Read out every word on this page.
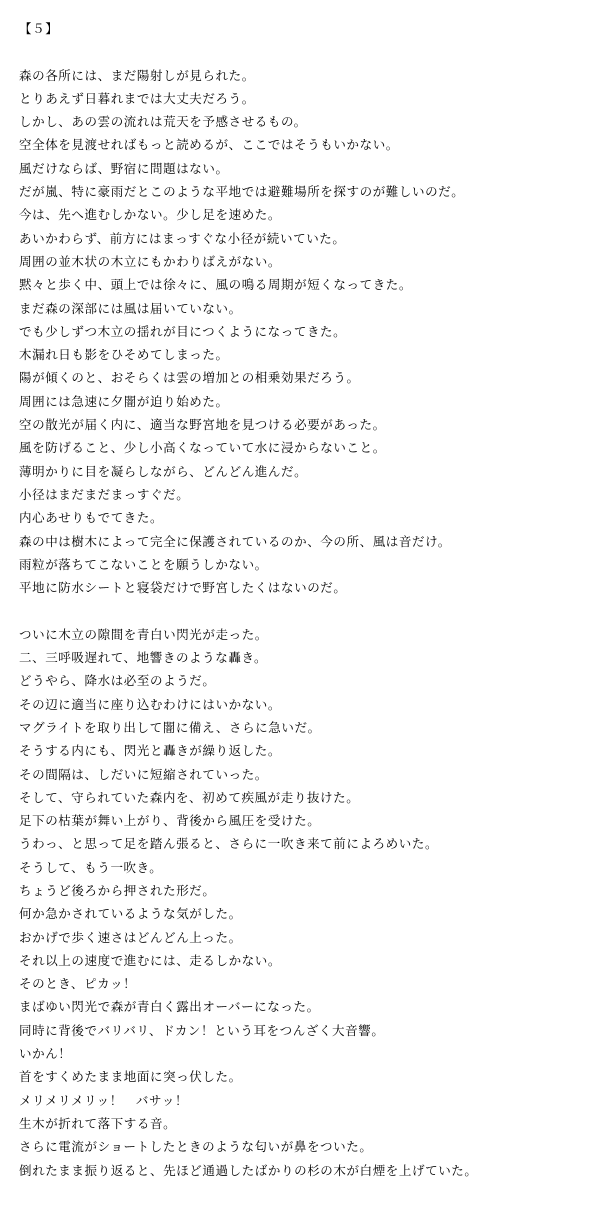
【５】
森の各所には、まだ陽射しが見られた。
とりあえず日暮れまでは大丈夫だろう。
しかし、あの雲の流れは荒天を予感させるもの。
空全体を見渡せればもっと読めるが、ここではそうもいかない。
風だけならば、野宿に問題はない。
だが嵐、特に豪雨だとこのような平地では避難場所を探すのが難しいのだ。
今は、先へ進むしかない。少し足を速めた。
あいかわらず、前方にはまっすぐな小径が続いていた。
周囲の並木状の木立にもかわりばえがない。
黙々と歩く中、頭上では徐々に、風の鳴る周期が短くなってきた。
まだ森の深部には風は届いていない。
でも少しずつ木立の揺れが目につくようになってきた。
木漏れ日も影をひそめてしまった。
陽が傾くのと、おそらくは雲の増加との相乗効果だろう。
周囲には急速に夕闇が迫り始めた。
空の散光が届く内に、適当な野宮地を見つける必要があった。
風を防げること、少し小高くなっていて水に浸からないこと。
薄明かりに目を凝らしながら、どんどん進んだ。
小径はまだまだまっすぐだ。
内心あせりもでてきた。
森の中は樹木によって完全に保護されているのか、今の所、風は音だけ。
雨粒が落ちてこないことを願うしかない。
平地に防水シートと寝袋だけで野宮したくはないのだ。
ついに木立の隙間を青白い閃光が走った。
二、三呼吸遅れて、地響きのような轟き。
どうやら、降水は必至のようだ。
その辺に適当に座り込むわけにはいかない。
マグライトを取り出して闇に備え、さらに急いだ。
そうする内にも、閃光と轟きが繰り返した。
その間隔は、しだいに短縮されていった。
そして、守られていた森内を、初めて疾風が走り抜けた。
足下の枯葉が舞い上がり、背後から風圧を受けた。
うわっ、と思って足を踏ん張ると、さらに一吹き来て前によろめいた。
そうして、もう一吹き。
ちょうど後ろから押された形だ。
何か急かされているような気がした。
おかげで歩く速さはどんどん上った。
それ以上の速度で進むには、走るしかない。
そのとき、ピカッ！
まばゆい閃光で森が青白く露出オーバーになった。
同時に背後でバリバリ、ドカン！という耳をつんざく大音響。
いかん！
首をすくめたまま地面に突っ伏した。
メリメリメリッ！　バサッ！
生木が折れて落下する音。
さらに電流がショートしたときのような匂いが鼻をついた。
倒れたまま振り返ると、先ほど通過したばかりの杉の木が白煙を上げていた。
